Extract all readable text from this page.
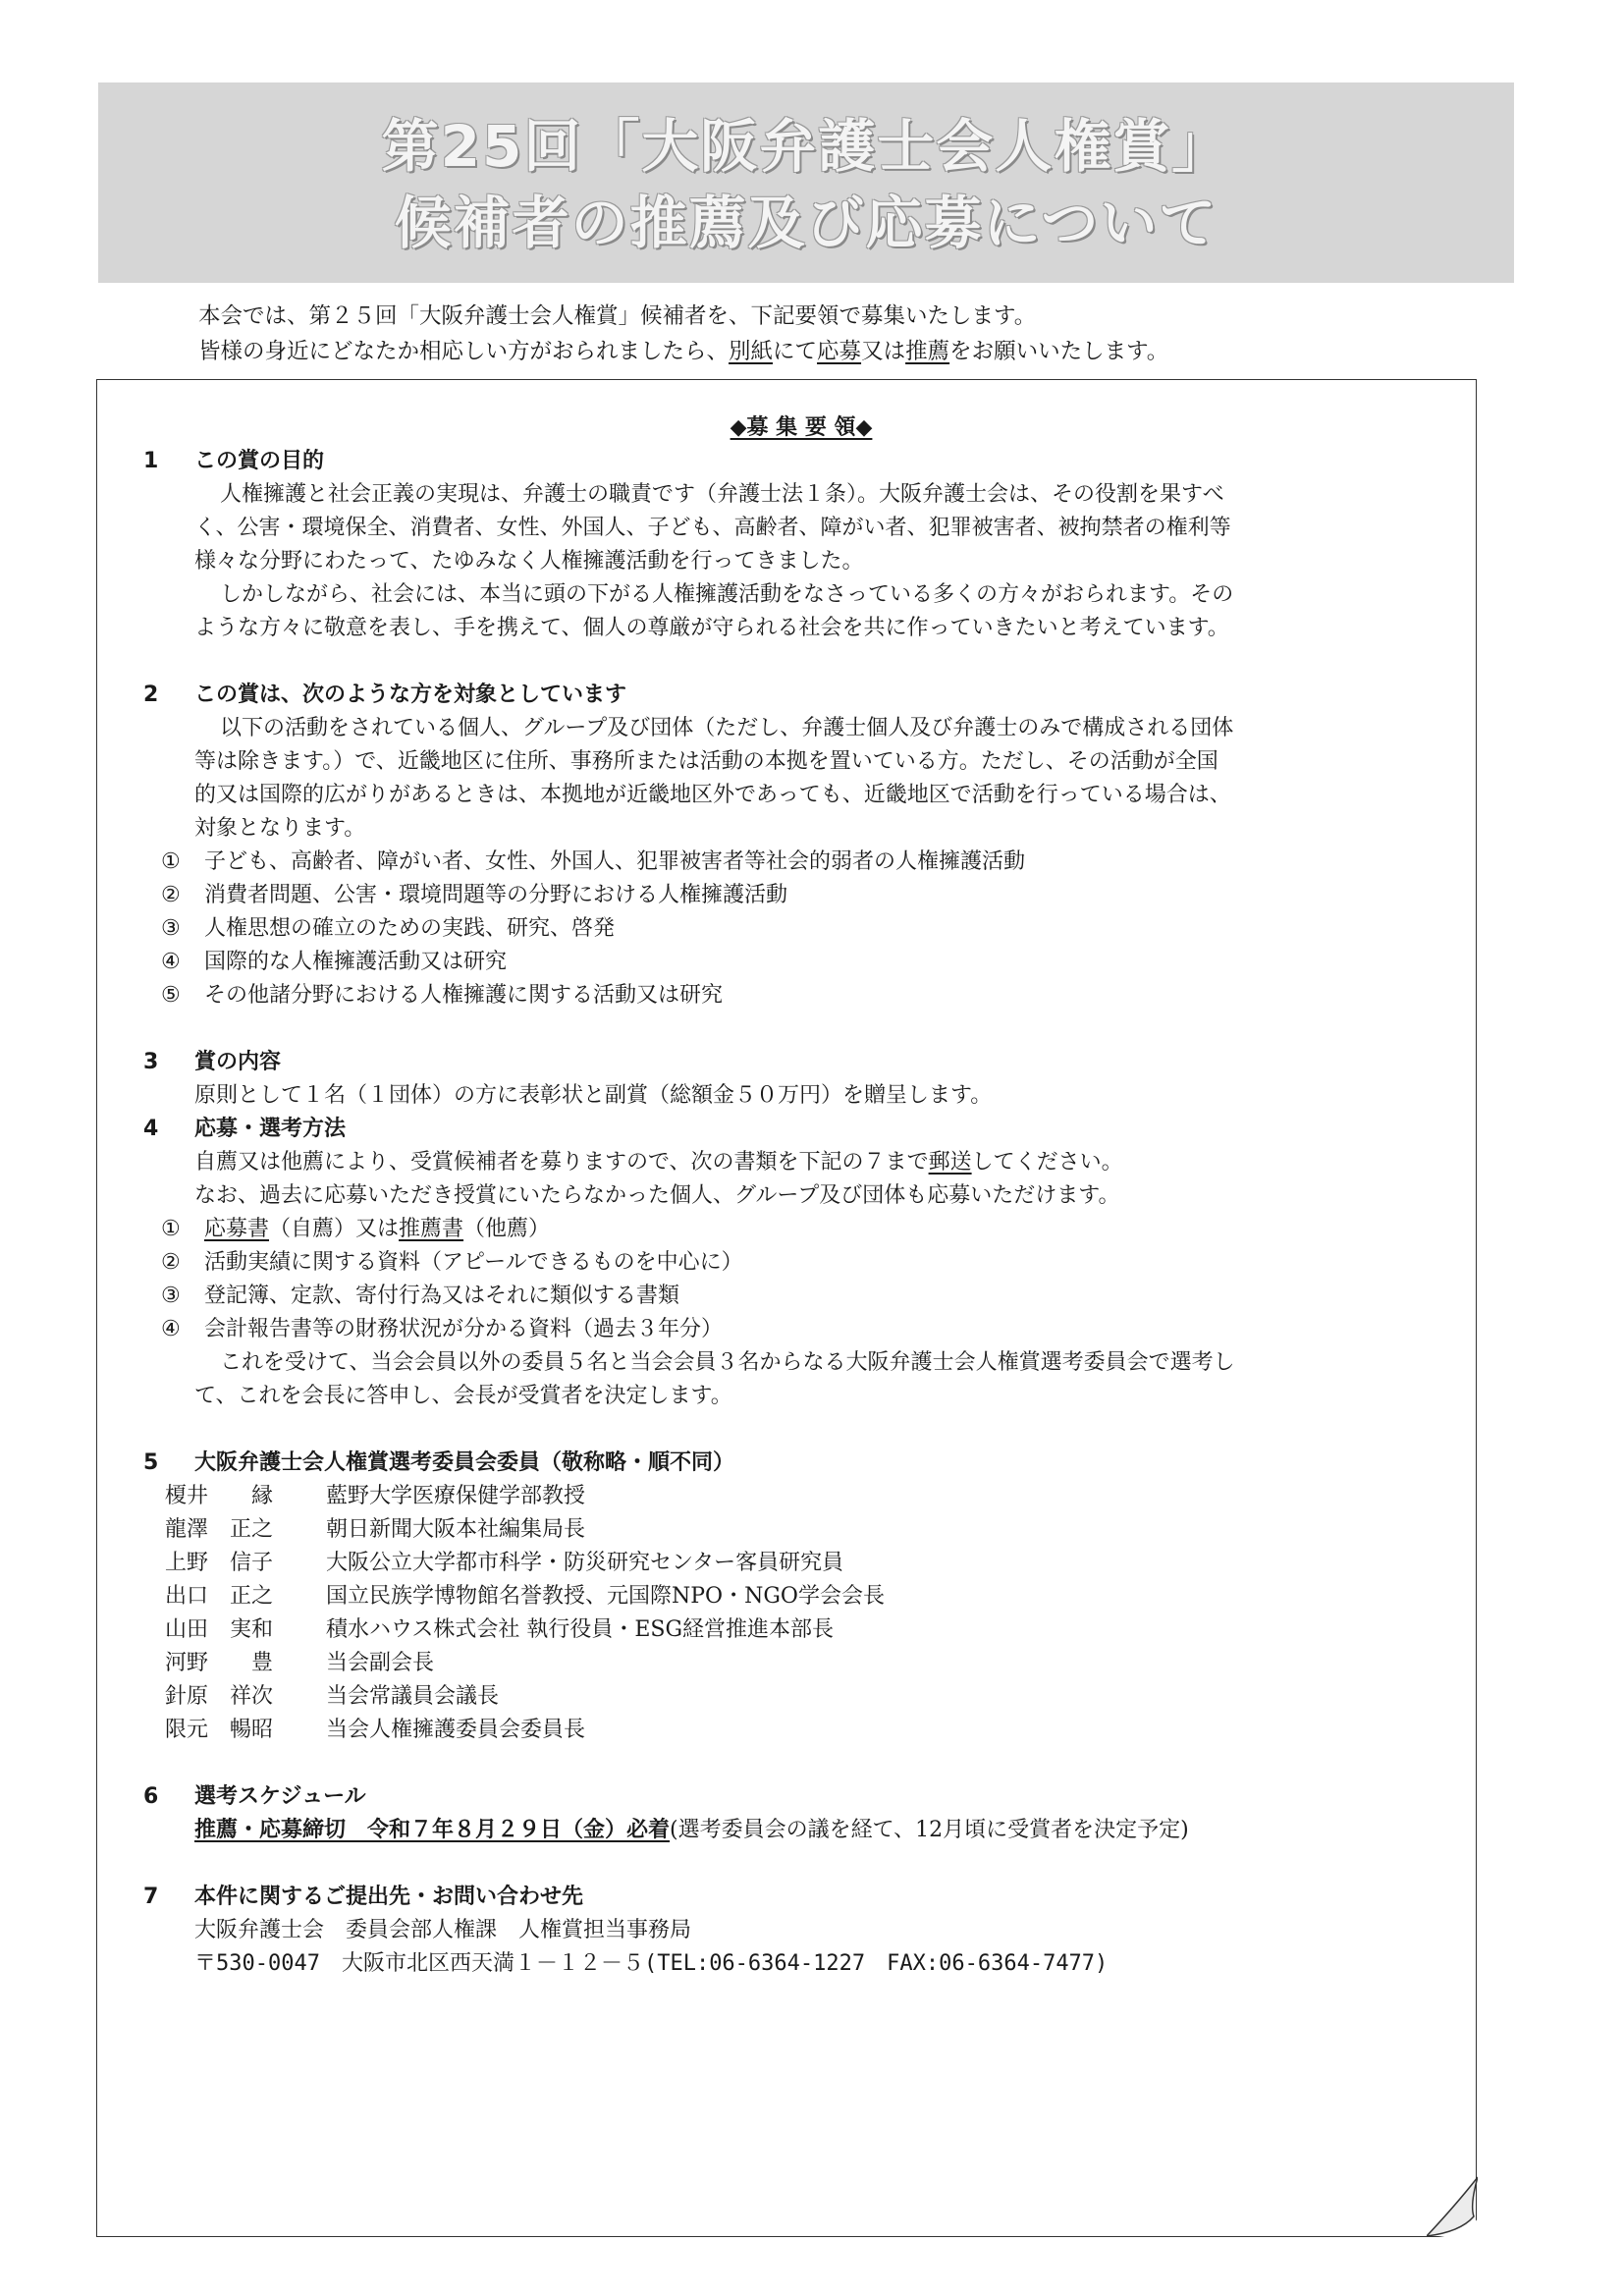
第25回「大阪弁護士会人権賞」
候補者の推薦及び応募について
本会では、第２５回「大阪弁護士会人権賞」候補者を、下記要領で募集いたします。
皆様の身近にどなたか相応しい方がおられましたら、別紙にて応募又は推薦をお願いいたします。
◆募 集 要 領◆
1 この賞の目的
人権擁護と社会正義の実現は、弁護士の職責です（弁護士法１条）。大阪弁護士会は、その役割を果すべ
く、公害・環境保全、消費者、女性、外国人、子ども、高齢者、障がい者、犯罪被害者、被拘禁者の権利等
様々な分野にわたって、たゆみなく人権擁護活動を行ってきました。
しかしながら、社会には、本当に頭の下がる人権擁護活動をなさっている多くの方々がおられます。その
ような方々に敬意を表し、手を携えて、個人の尊厳が守られる社会を共に作っていきたいと考えています。
2 この賞は、次のような方を対象としています
以下の活動をされている個人、グループ及び団体（ただし、弁護士個人及び弁護士のみで構成される団体
等は除きます。）で、近畿地区に住所、事務所または活動の本拠を置いている方。ただし、その活動が全国
的又は国際的広がりがあるときは、本拠地が近畿地区外であっても、近畿地区で活動を行っている場合は、
対象となります。
① 子ども、高齢者、障がい者、女性、外国人、犯罪被害者等社会的弱者の人権擁護活動
② 消費者問題、公害・環境問題等の分野における人権擁護活動
③ 人権思想の確立のための実践、研究、啓発
④ 国際的な人権擁護活動又は研究
⑤ その他諸分野における人権擁護に関する活動又は研究
3 賞の内容
原則として１名（１団体）の方に表彰状と副賞（総額金５０万円）を贈呈します。
4 応募・選考方法
自薦又は他薦により、受賞候補者を募りますので、次の書類を下記の７まで郵送してください。
なお、過去に応募いただき授賞にいたらなかった個人、グループ及び団体も応募いただけます。
① 応募書（自薦）又は推薦書（他薦）
② 活動実績に関する資料（アピールできるものを中心に）
③ 登記簿、定款、寄付行為又はそれに類似する書類
④ 会計報告書等の財務状況が分かる資料（過去３年分）
これを受けて、当会会員以外の委員５名と当会会員３名からなる大阪弁護士会人権賞選考委員会で選考し
て、これを会長に答申し、会長が受賞者を決定します。
5 大阪弁護士会人権賞選考委員会委員（敬称略・順不同）
榎井　　縁	藍野大学医療保健学部教授
龍澤　正之	朝日新聞大阪本社編集局長
上野　信子	大阪公立大学都市科学・防災研究センター客員研究員
出口　正之	国立民族学博物館名誉教授、元国際NPO・NGO学会会長
山田　実和	積水ハウス株式会社 執行役員・ESG経営推進本部長
河野　　豊	当会副会長
針原　祥次	当会常議員会議長
限元　暢昭	当会人権擁護委員会委員長
6 選考スケジュール
推薦・応募締切　令和７年８月２９日（金）必着(選考委員会の議を経て、12月頃に受賞者を決定予定)
7 本件に関するご提出先・お問い合わせ先
大阪弁護士会　委員会部人権課　人権賞担当事務局
〒530-0047　大阪市北区西天満１－１２－５(TEL:06-6364-1227　FAX:06-6364-7477)
